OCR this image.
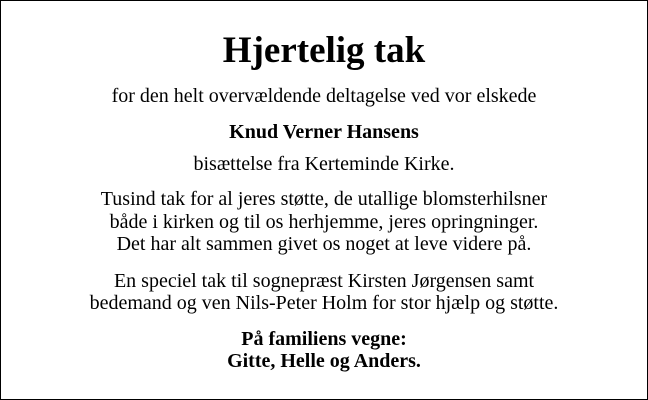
Hjertelig tak

for den helt overvældende deltagelse ved vor elskede

Knud Verner Hansens

bisættelse fra Kerteminde Kirke.

Tusind tak for al jeres støtte, de utallige blomsterhilsner

både i kirken og til os herhjemme, jeres opringninger.

Det har alt sammen givet os noget at leve videre på.

En speciel tak til sognepræst Kirsten Jørgensen samt

bedemand og ven Nils-Peter Holm for stor hjælp og støtte.

På familiens vegne:

Gitte, Helle og Anders.
